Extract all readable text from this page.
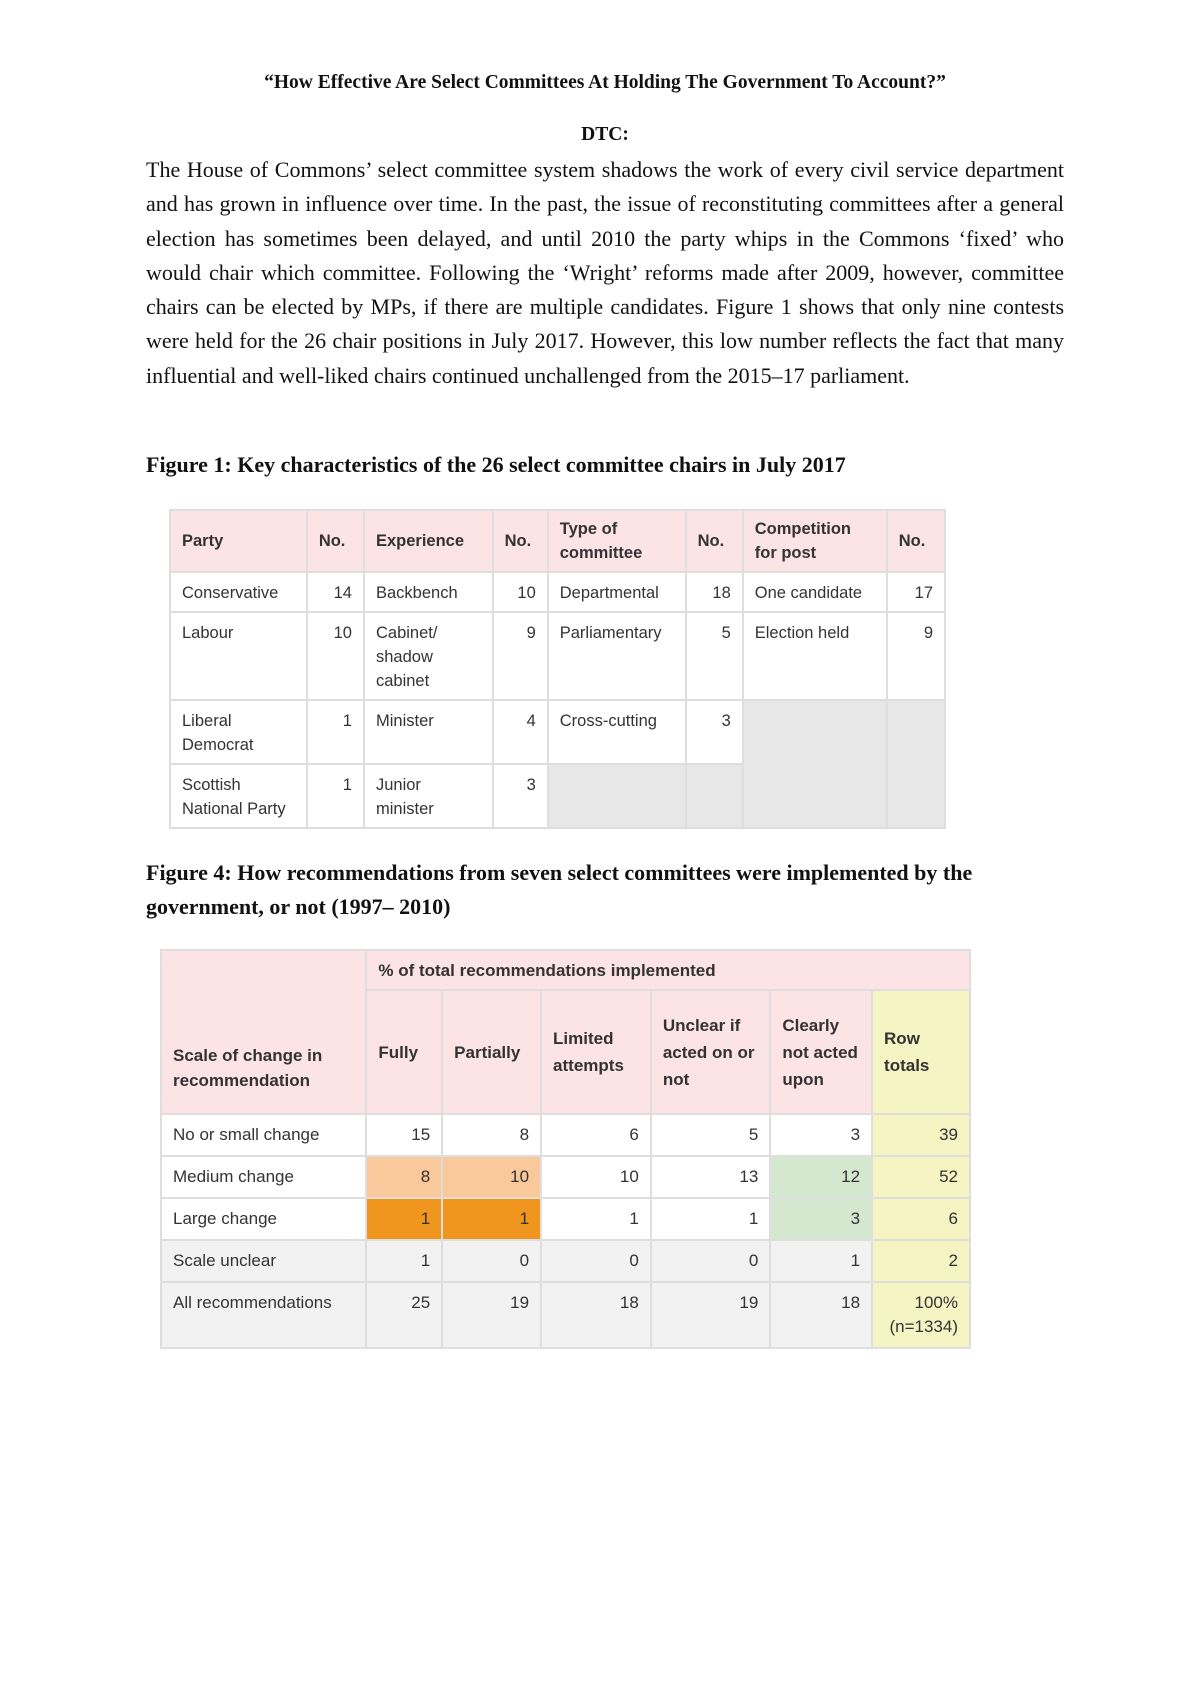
“How Effective Are Select Committees At Holding The Government To Account?”
DTC:

The House of Commons’ select committee system shadows the work of every civil service department and has grown in influence over time. In the past, the issue of reconstituting committees after a general election has sometimes been delayed, and until 2010 the party whips in the Commons ‘fixed’ who would chair which committee. Following the ‘Wright’ reforms made after 2009, however, committee chairs can be elected by MPs, if there are multiple candidates. Figure 1 shows that only nine contests were held for the 26 chair positions in July 2017. However, this low number reflects the fact that many influential and well-liked chairs continued unchallenged from the 2015–17 parliament.

Figure 1: Key characteristics of the 26 select committee chairs in July 2017

Party	No.	Experience	No.	Type of committee	No.	Competition for post	No.
Conservative	14	Backbench	10	Departmental	18	One candidate	17
Labour	10	Cabinet/ shadow cabinet	9	Parliamentary	5	Election held	9
Liberal Democrat	1	Minister	4	Cross-cutting	3		
Scottish National Party	1	Junior minister	3				

Figure 4: How recommendations from seven select committees were implemented by the government, or not (1997– 2010)

Scale of change in recommendation	% of total recommendations implemented					
	Fully	Partially	Limited attempts	Unclear if acted on or not	Clearly not acted upon	Row totals
No or small change	15	8	6	5	3	39
Medium change	8	10	10	13	12	52
Large change	1	1	1	1	3	6
Scale unclear	1	0	0	0	1	2
All recommendations	25	19	18	19	18	100% (n=1334)
